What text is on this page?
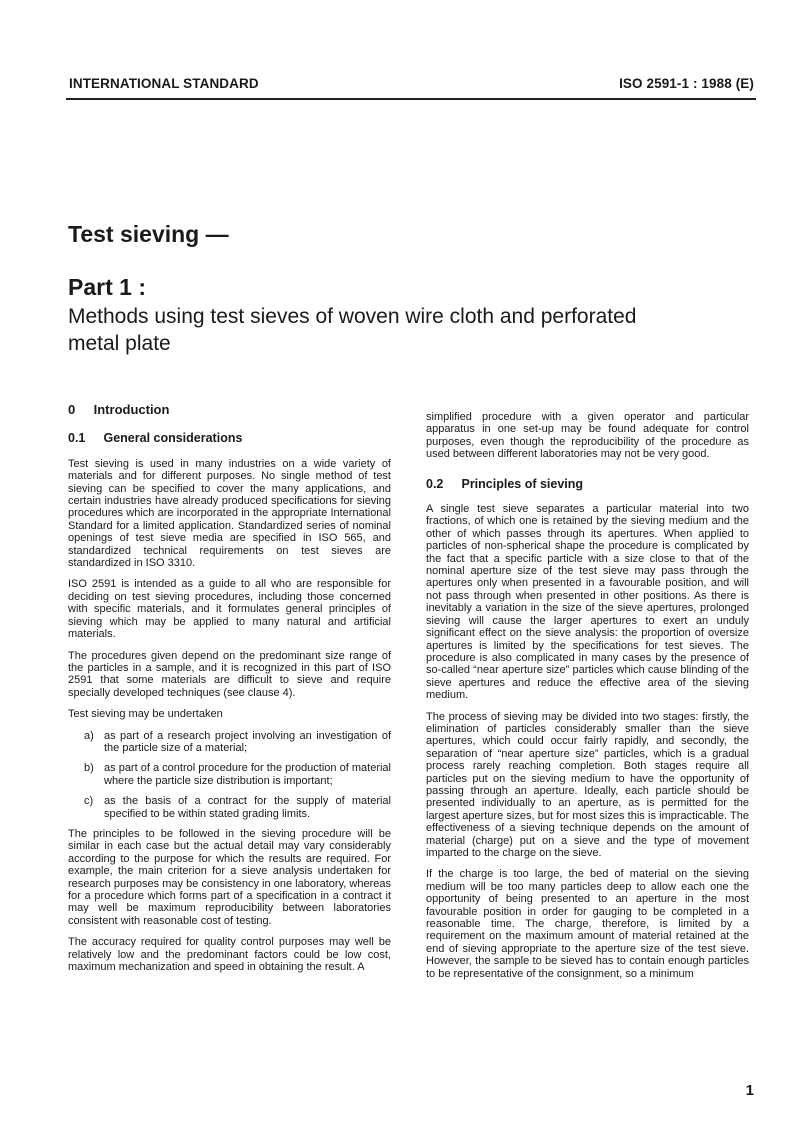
INTERNATIONAL STANDARD	ISO 2591-1 : 1988 (E)
Test sieving —
Part 1 :
Methods using test sieves of woven wire cloth and perforated metal plate
0 Introduction
0.1 General considerations

Test sieving is used in many industries on a wide variety of materials and for different purposes. No single method of test sieving can be specified to cover the many applications, and certain industries have already produced specifications for sieving procedures which are incorporated in the appropriate International Standard for a limited application. Standardized series of nominal openings of test sieve media are specified in ISO 565, and standardized technical requirements on test sieves are standardized in ISO 3310.

ISO 2591 is intended as a guide to all who are responsible for deciding on test sieving procedures, including those concerned with specific materials, and it formulates general principles of sieving which may be applied to many natural and artificial materials.

The procedures given depend on the predominant size range of the particles in a sample, and it is recognized in this part of ISO 2591 that some materials are difficult to sieve and require specially developed techniques (see clause 4).

Test sieving may be undertaken

a) as part of a research project involving an investigation of the particle size of a material;
b) as part of a control procedure for the production of material where the particle size distribution is important;
c) as the basis of a contract for the supply of material specified to be within stated grading limits.

The principles to be followed in the sieving procedure will be similar in each case but the actual detail may vary considerably according to the purpose for which the results are required. For example, the main criterion for a sieve analysis undertaken for research purposes may be consistency in one laboratory, whereas for a procedure which forms part of a specification in a contract it may well be maximum reproducibility between laboratories consistent with reasonable cost of testing.

The accuracy required for quality control purposes may well be relatively low and the predominant factors could be low cost, maximum mechanization and speed in obtaining the result. A

simplified procedure with a given operator and particular apparatus in one set-up may be found adequate for control purposes, even though the reproducibility of the procedure as used between different laboratories may not be very good.

0.2 Principles of sieving

A single test sieve separates a particular material into two fractions, of which one is retained by the sieving medium and the other of which passes through its apertures. When applied to particles of non-spherical shape the procedure is complicated by the fact that a specific particle with a size close to that of the nominal aperture size of the test sieve may pass through the apertures only when presented in a favourable position, and will not pass through when presented in other positions. As there is inevitably a variation in the size of the sieve apertures, prolonged sieving will cause the larger apertures to exert an unduly significant effect on the sieve analysis: the proportion of oversize apertures is limited by the specifications for test sieves. The procedure is also complicated in many cases by the presence of so-called “near aperture size” particles which cause blinding of the sieve apertures and reduce the effective area of the sieving medium.

The process of sieving may be divided into two stages: firstly, the elimination of particles considerably smaller than the sieve apertures, which could occur fairly rapidly, and secondly, the separation of “near aperture size” particles, which is a gradual process rarely reaching completion. Both stages require all particles put on the sieving medium to have the opportunity of passing through an aperture. Ideally, each particle should be presented individually to an aperture, as is permitted for the largest aperture sizes, but for most sizes this is impracticable. The effectiveness of a sieving technique depends on the amount of material (charge) put on a sieve and the type of movement imparted to the charge on the sieve.

If the charge is too large, the bed of material on the sieving medium will be too many particles deep to allow each one the opportunity of being presented to an aperture in the most favourable position in order for gauging to be completed in a reasonable time. The charge, therefore, is limited by a requirement on the maximum amount of material retained at the end of sieving appropriate to the aperture size of the test sieve. However, the sample to be sieved has to contain enough particles to be representative of the consignment, so a minimum

1
